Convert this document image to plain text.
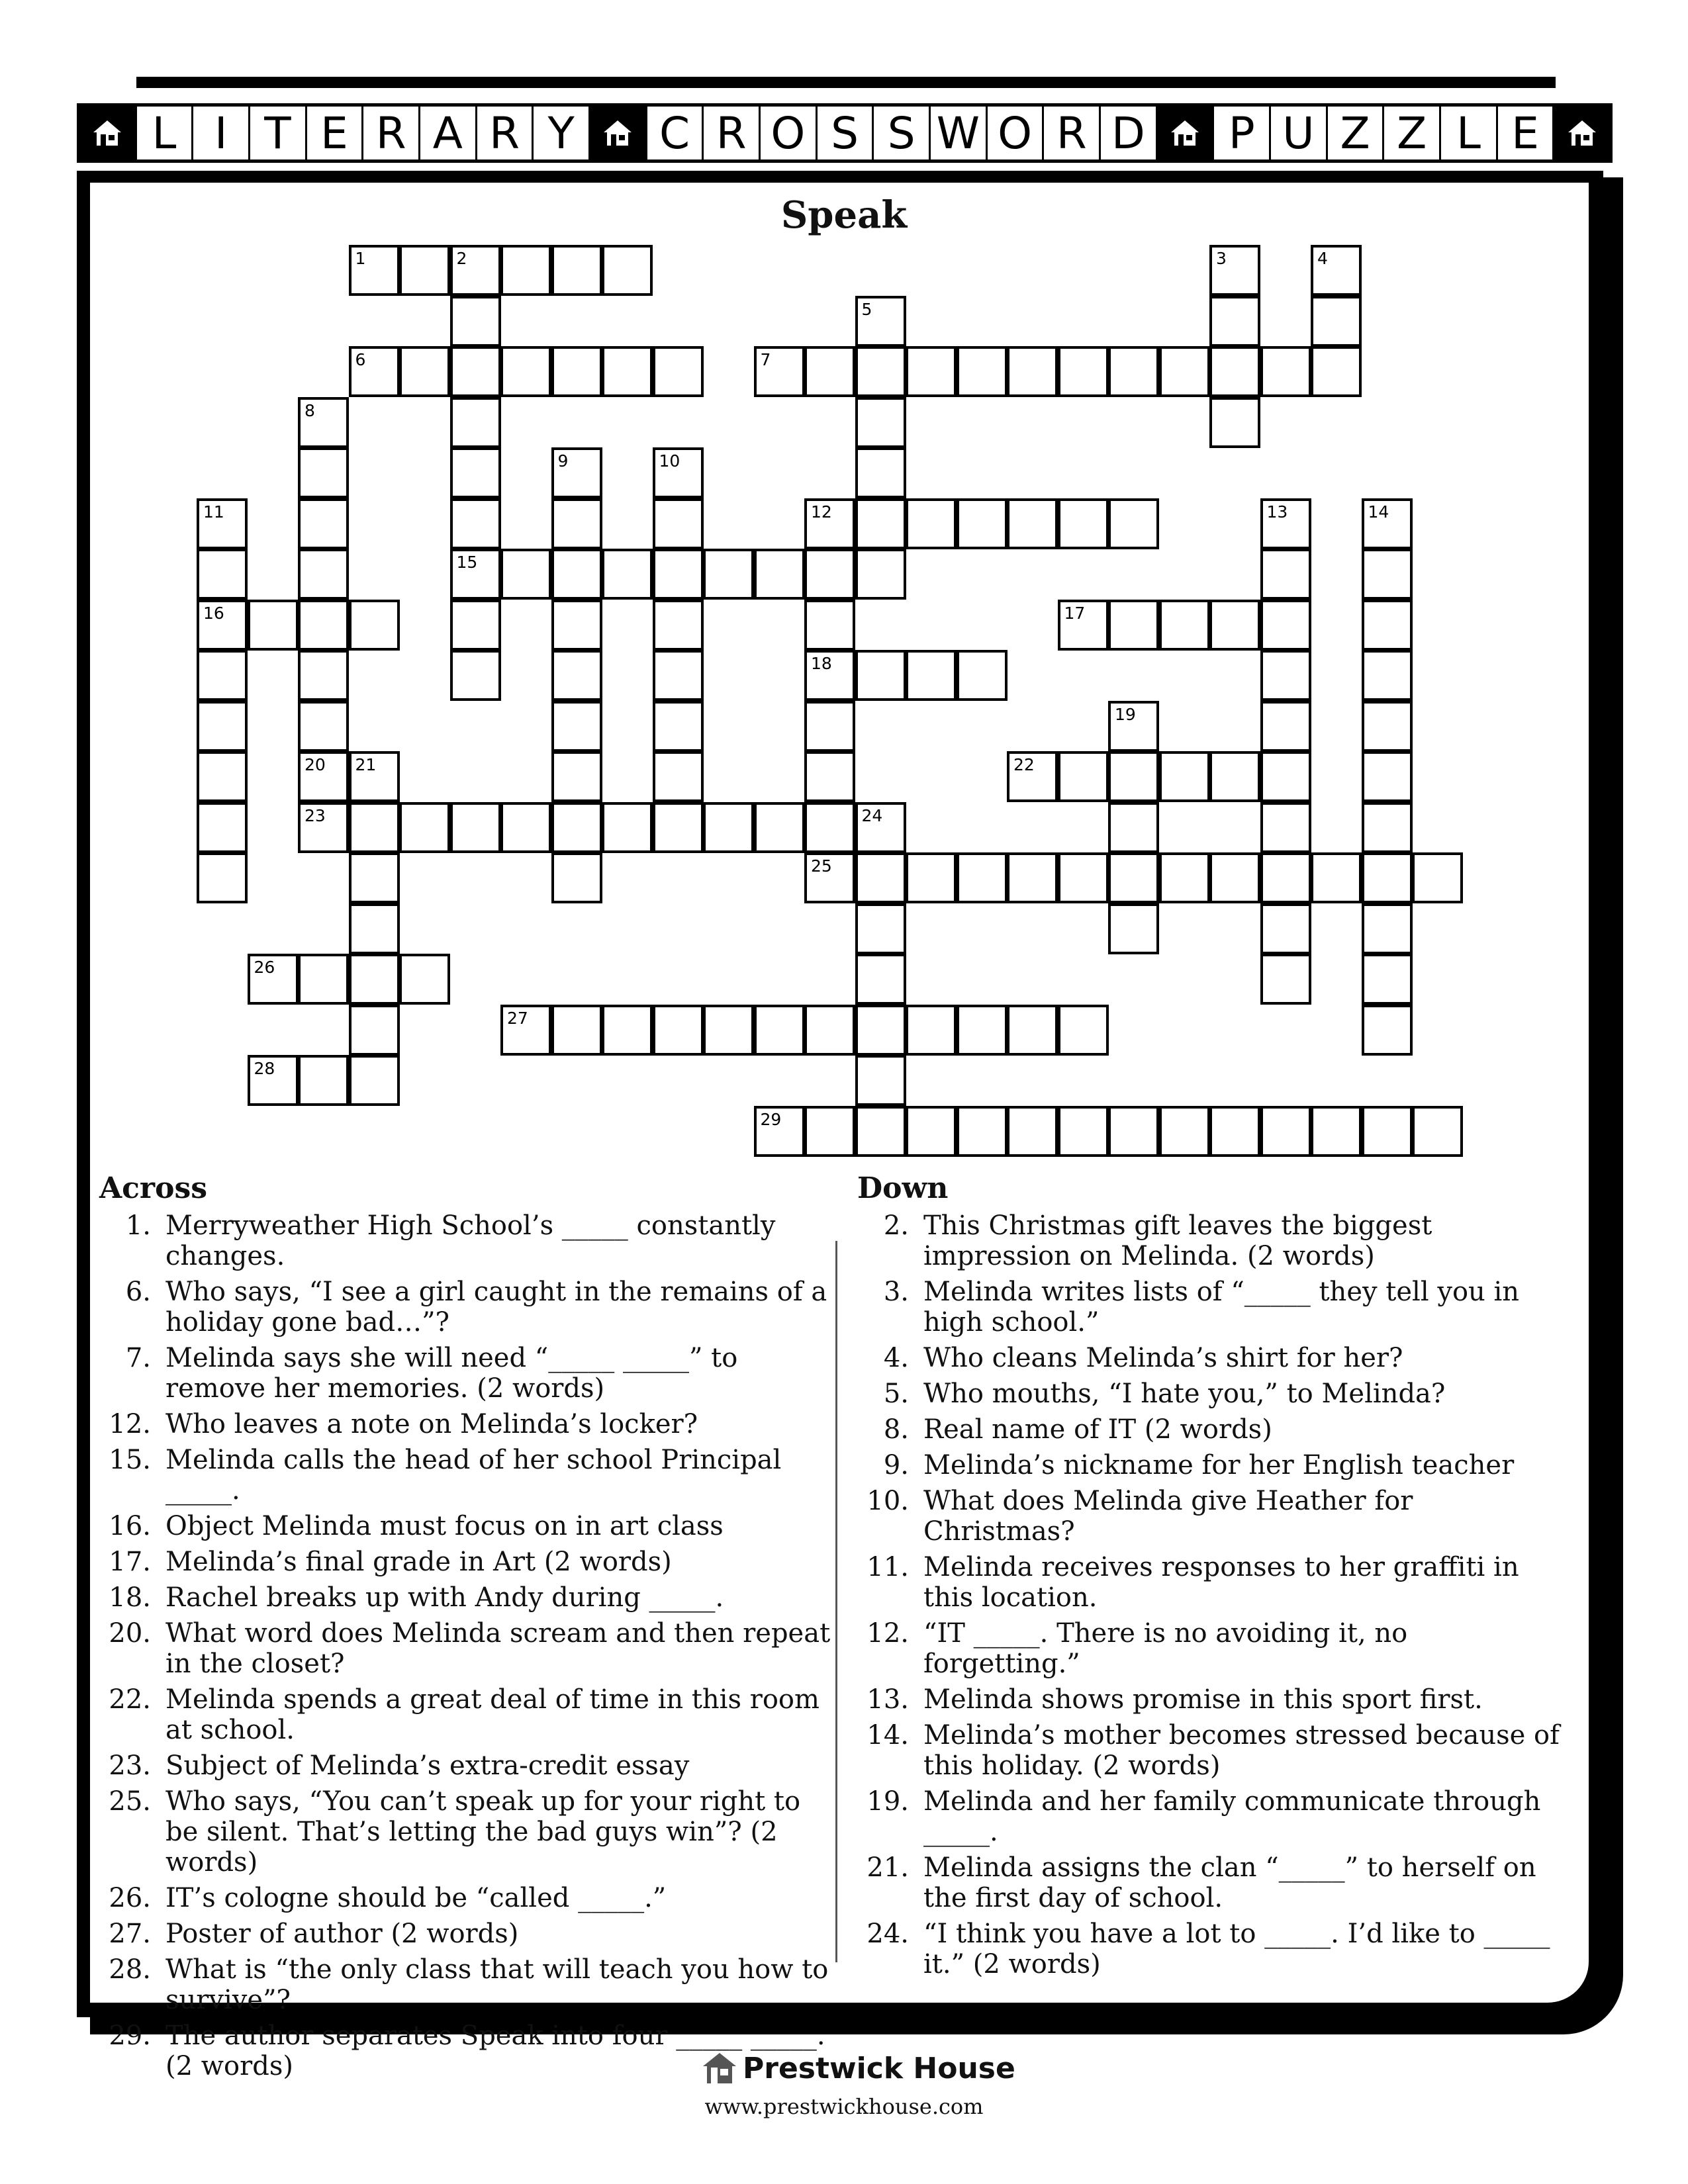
L I T E R A R Y	C R O S S W O R D	P U Z Z L E
Speak
1	2	3	4
5
6	7
8
9	10
11	12	13	14
15
16	17
18
19
20 21	22
23	24
25
26
27
28
29
Across
1. Merryweather High School’s _____ constantly changes.
6. Who says, “I see a girl caught in the remains of a holiday gone bad…”?
7. Melinda says she will need “_____ _____” to remove her memories. (2 words)
12. Who leaves a note on Melinda’s locker?
15. Melinda calls the head of her school Principal _____.
16. Object Melinda must focus on in art class
17. Melinda’s final grade in Art (2 words)
18. Rachel breaks up with Andy during _____.
20. What word does Melinda scream and then repeat in the closet?
22. Melinda spends a great deal of time in this room at school.
23. Subject of Melinda’s extra-credit essay
25. Who says, “You can’t speak up for your right to be silent. That’s letting the bad guys win”? (2 words)
26. IT’s cologne should be “called _____.”
27. Poster of author (2 words)
28. What is “the only class that will teach you how to survive”?
29. The author separates Speak into four _____ _____. (2 words)
Down
2. This Christmas gift leaves the biggest impression on Melinda. (2 words)
3. Melinda writes lists of “_____ they tell you in high school.”
4. Who cleans Melinda’s shirt for her?
5. Who mouths, “I hate you,” to Melinda?
8. Real name of IT (2 words)
9. Melinda’s nickname for her English teacher
10. What does Melinda give Heather for Christmas?
11. Melinda receives responses to her graffiti in this location.
12. “IT _____. There is no avoiding it, no forgetting.”
13. Melinda shows promise in this sport first.
14. Melinda’s mother becomes stressed because of this holiday. (2 words)
19. Melinda and her family communicate through _____.
21. Melinda assigns the clan “_____” to herself on the first day of school.
24. “I think you have a lot to _____. I’d like to _____ it.” (2 words)
Prestwick House
www.prestwickhouse.com
